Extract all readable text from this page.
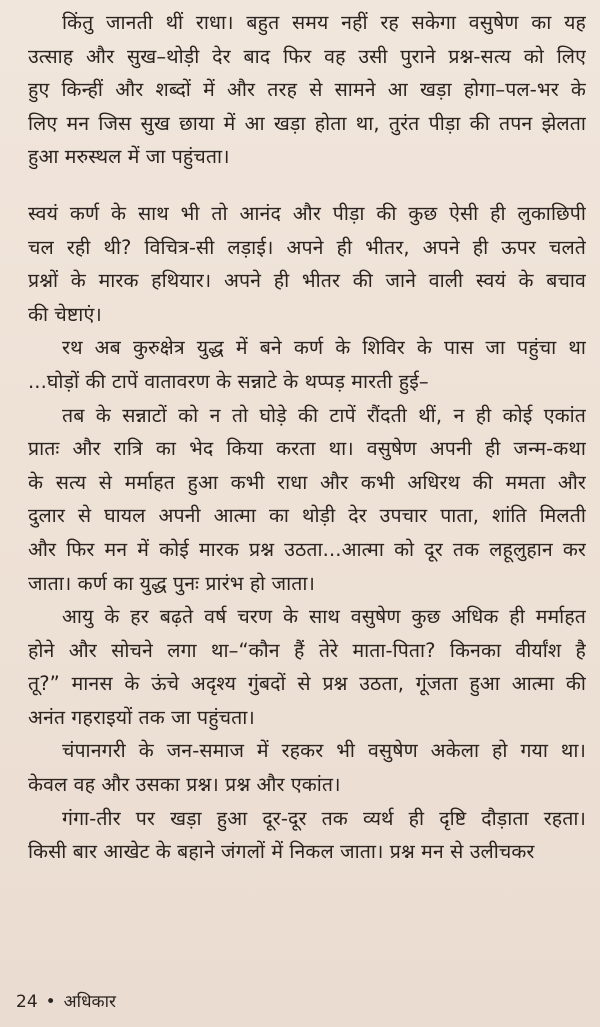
किंतु जानती थीं राधा। बहुत समय नहीं रह सकेगा वसुषेण का यह
उत्साह और सुख–थोड़ी देर बाद फिर वह उसी पुराने प्रश्न-सत्य को लिए
हुए किन्हीं और शब्दों में और तरह से सामने आ खड़ा होगा–पल-भर के
लिए मन जिस सुख छाया में आ खड़ा होता था, तुरंत पीड़ा की तपन झेलता
हुआ मरुस्थल में जा पहुंचता।
स्वयं कर्ण के साथ भी तो आनंद और पीड़ा की कुछ ऐसी ही लुकाछिपी
चल रही थी? विचित्र-सी लड़ाई। अपने ही भीतर, अपने ही ऊपर चलते
प्रश्नों के मारक हथियार। अपने ही भीतर की जाने वाली स्वयं के बचाव
की चेष्टाएं।
रथ अब कुरुक्षेत्र युद्ध में बने कर्ण के शिविर के पास जा पहुंचा था
...घोड़ों की टापें वातावरण के सन्नाटे के थप्पड़ मारती हुई–
तब के सन्नाटों को न तो घोड़े की टापें रौंदती थीं, न ही कोई एकांत
प्रातः और रात्रि का भेद किया करता था। वसुषेण अपनी ही जन्म-कथा
के सत्य से मर्माहत हुआ कभी राधा और कभी अधिरथ की ममता और
दुलार से घायल अपनी आत्मा का थोड़ी देर उपचार पाता, शांति मिलती
और फिर मन में कोई मारक प्रश्न उठता...आत्मा को दूर तक लहूलुहान कर
जाता। कर्ण का युद्ध पुनः प्रारंभ हो जाता।
आयु के हर बढ़ते वर्ष चरण के साथ वसुषेण कुछ अधिक ही मर्माहत
होने और सोचने लगा था–“कौन हैं तेरे माता-पिता? किनका वीर्यांश है
तू?” मानस के ऊंचे अदृश्य गुंबदों से प्रश्न उठता, गूंजता हुआ आत्मा की
अनंत गहराइयों तक जा पहुंचता।
चंपानगरी के जन-समाज में रहकर भी वसुषेण अकेला हो गया था।
केवल वह और उसका प्रश्न। प्रश्न और एकांत।
गंगा-तीर पर खड़ा हुआ दूर-दूर तक व्यर्थ ही दृष्टि दौड़ाता रहता।
किसी बार आखेट के बहाने जंगलों में निकल जाता। प्रश्न मन से उलीचकर
24 • अधिकार
